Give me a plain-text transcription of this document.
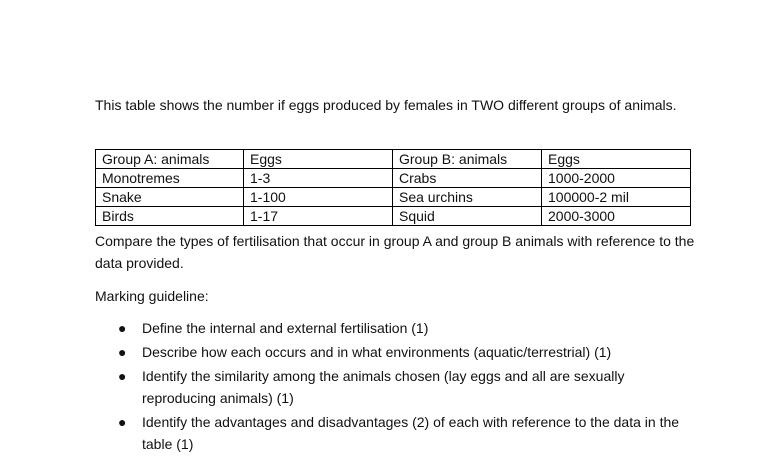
This table shows the number if eggs produced by females in TWO different groups of animals.

Group A: animals	Eggs	Group B: animals	Eggs
Monotremes	1-3	Crabs	1000-2000
Snake	1-100	Sea urchins	100000-2 mil
Birds	1-17	Squid	2000-3000

Compare the types of fertilisation that occur in group A and group B animals with reference to the data provided.

Marking guideline:

● Define the internal and external fertilisation (1)
● Describe how each occurs and in what environments (aquatic/terrestrial) (1)
● Identify the similarity among the animals chosen (lay eggs and all are sexually reproducing animals) (1)
● Identify the advantages and disadvantages (2) of each with reference to the data in the table (1)
